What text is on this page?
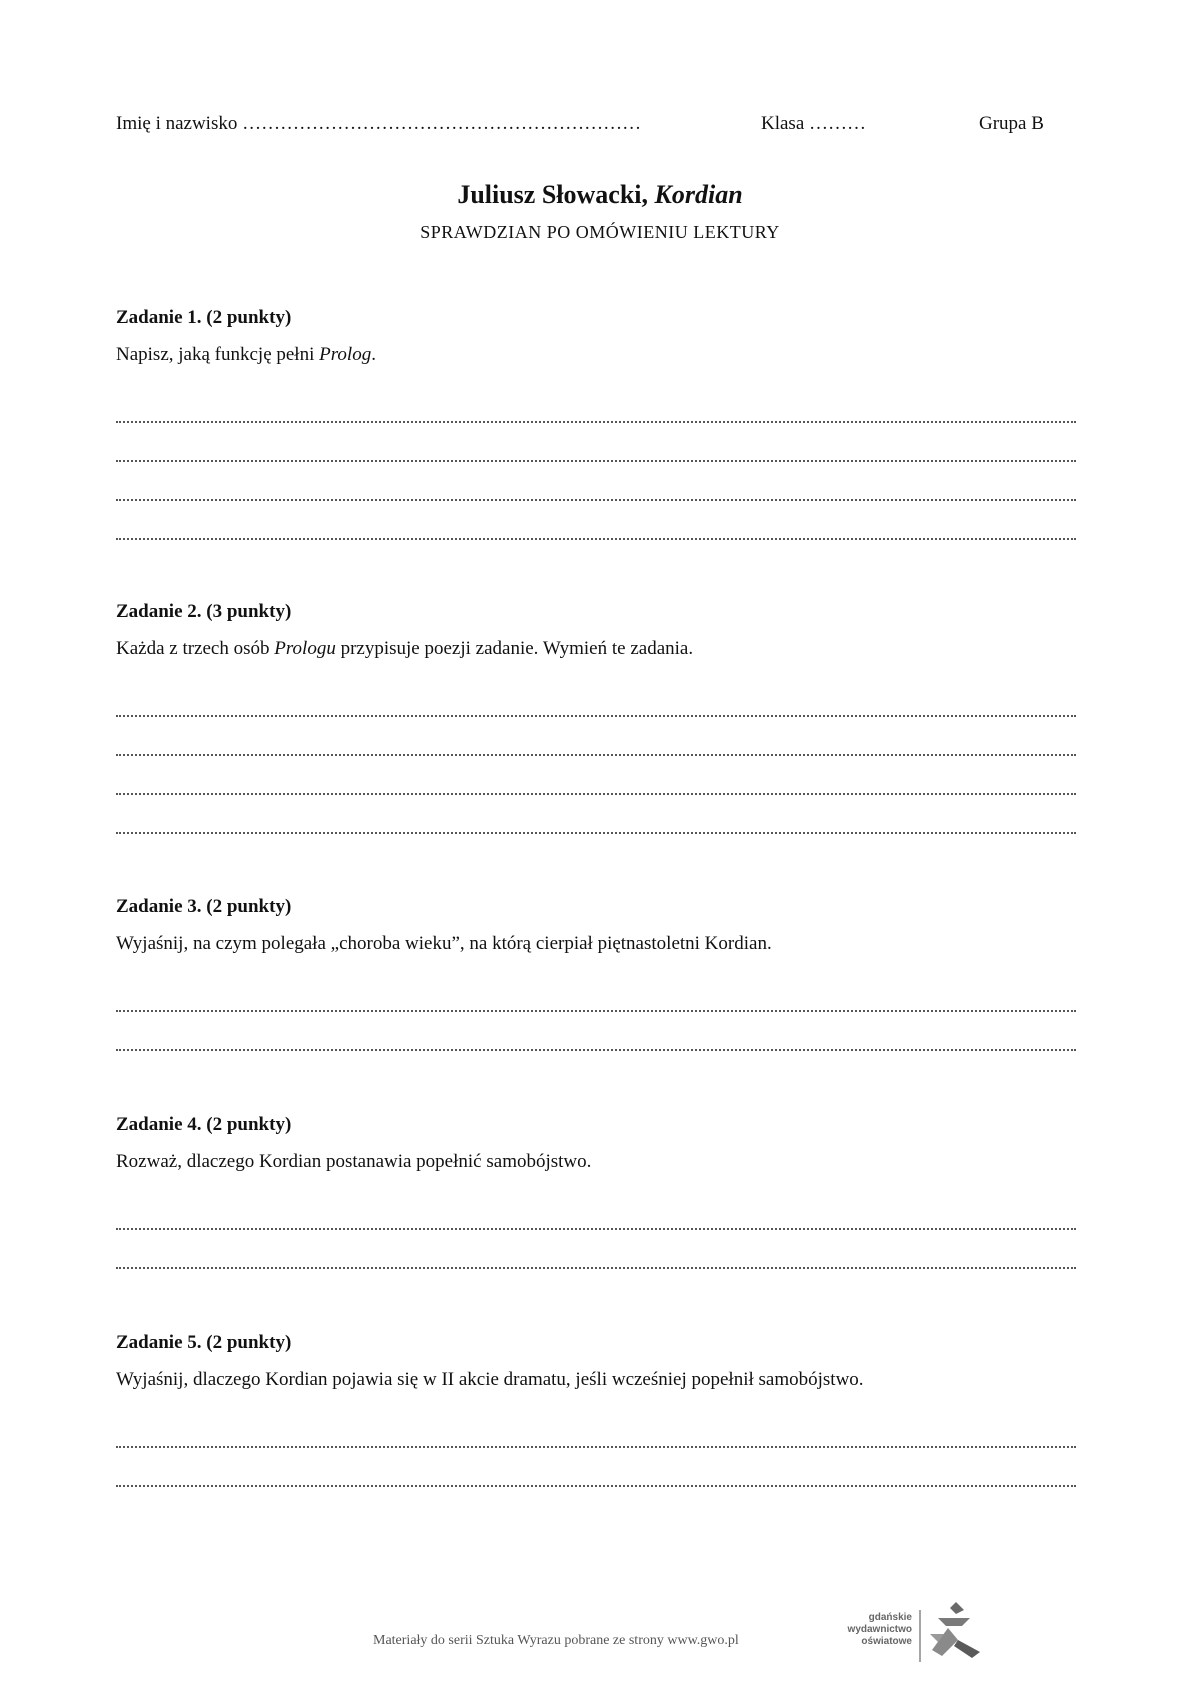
Imię i nazwisko ………………………………………………………	Klasa ………	Grupa B
Juliusz Słowacki, Kordian
SPRAWDZIAN PO OMÓWIENIU LEKTURY
Zadanie 1. (2 punkty)
Napisz, jaką funkcję pełni Prolog.
Zadanie 2. (3 punkty)
Każda z trzech osób Prologu przypisuje poezji zadanie. Wymień te zadania.
Zadanie 3. (2 punkty)
Wyjaśnij, na czym polegała „choroba wieku”, na którą cierpiał piętnastoletni Kordian.
Zadanie 4. (2 punkty)
Rozważ, dlaczego Kordian postanawia popełnić samobójstwo.
Zadanie 5. (2 punkty)
Wyjaśnij, dlaczego Kordian pojawia się w II akcie dramatu, jeśli wcześniej popełnił samobójstwo.
Materiały do serii Sztuka Wyrazu pobrane ze strony www.gwo.pl
gdańskie
wydawnictwo
oświatowe
